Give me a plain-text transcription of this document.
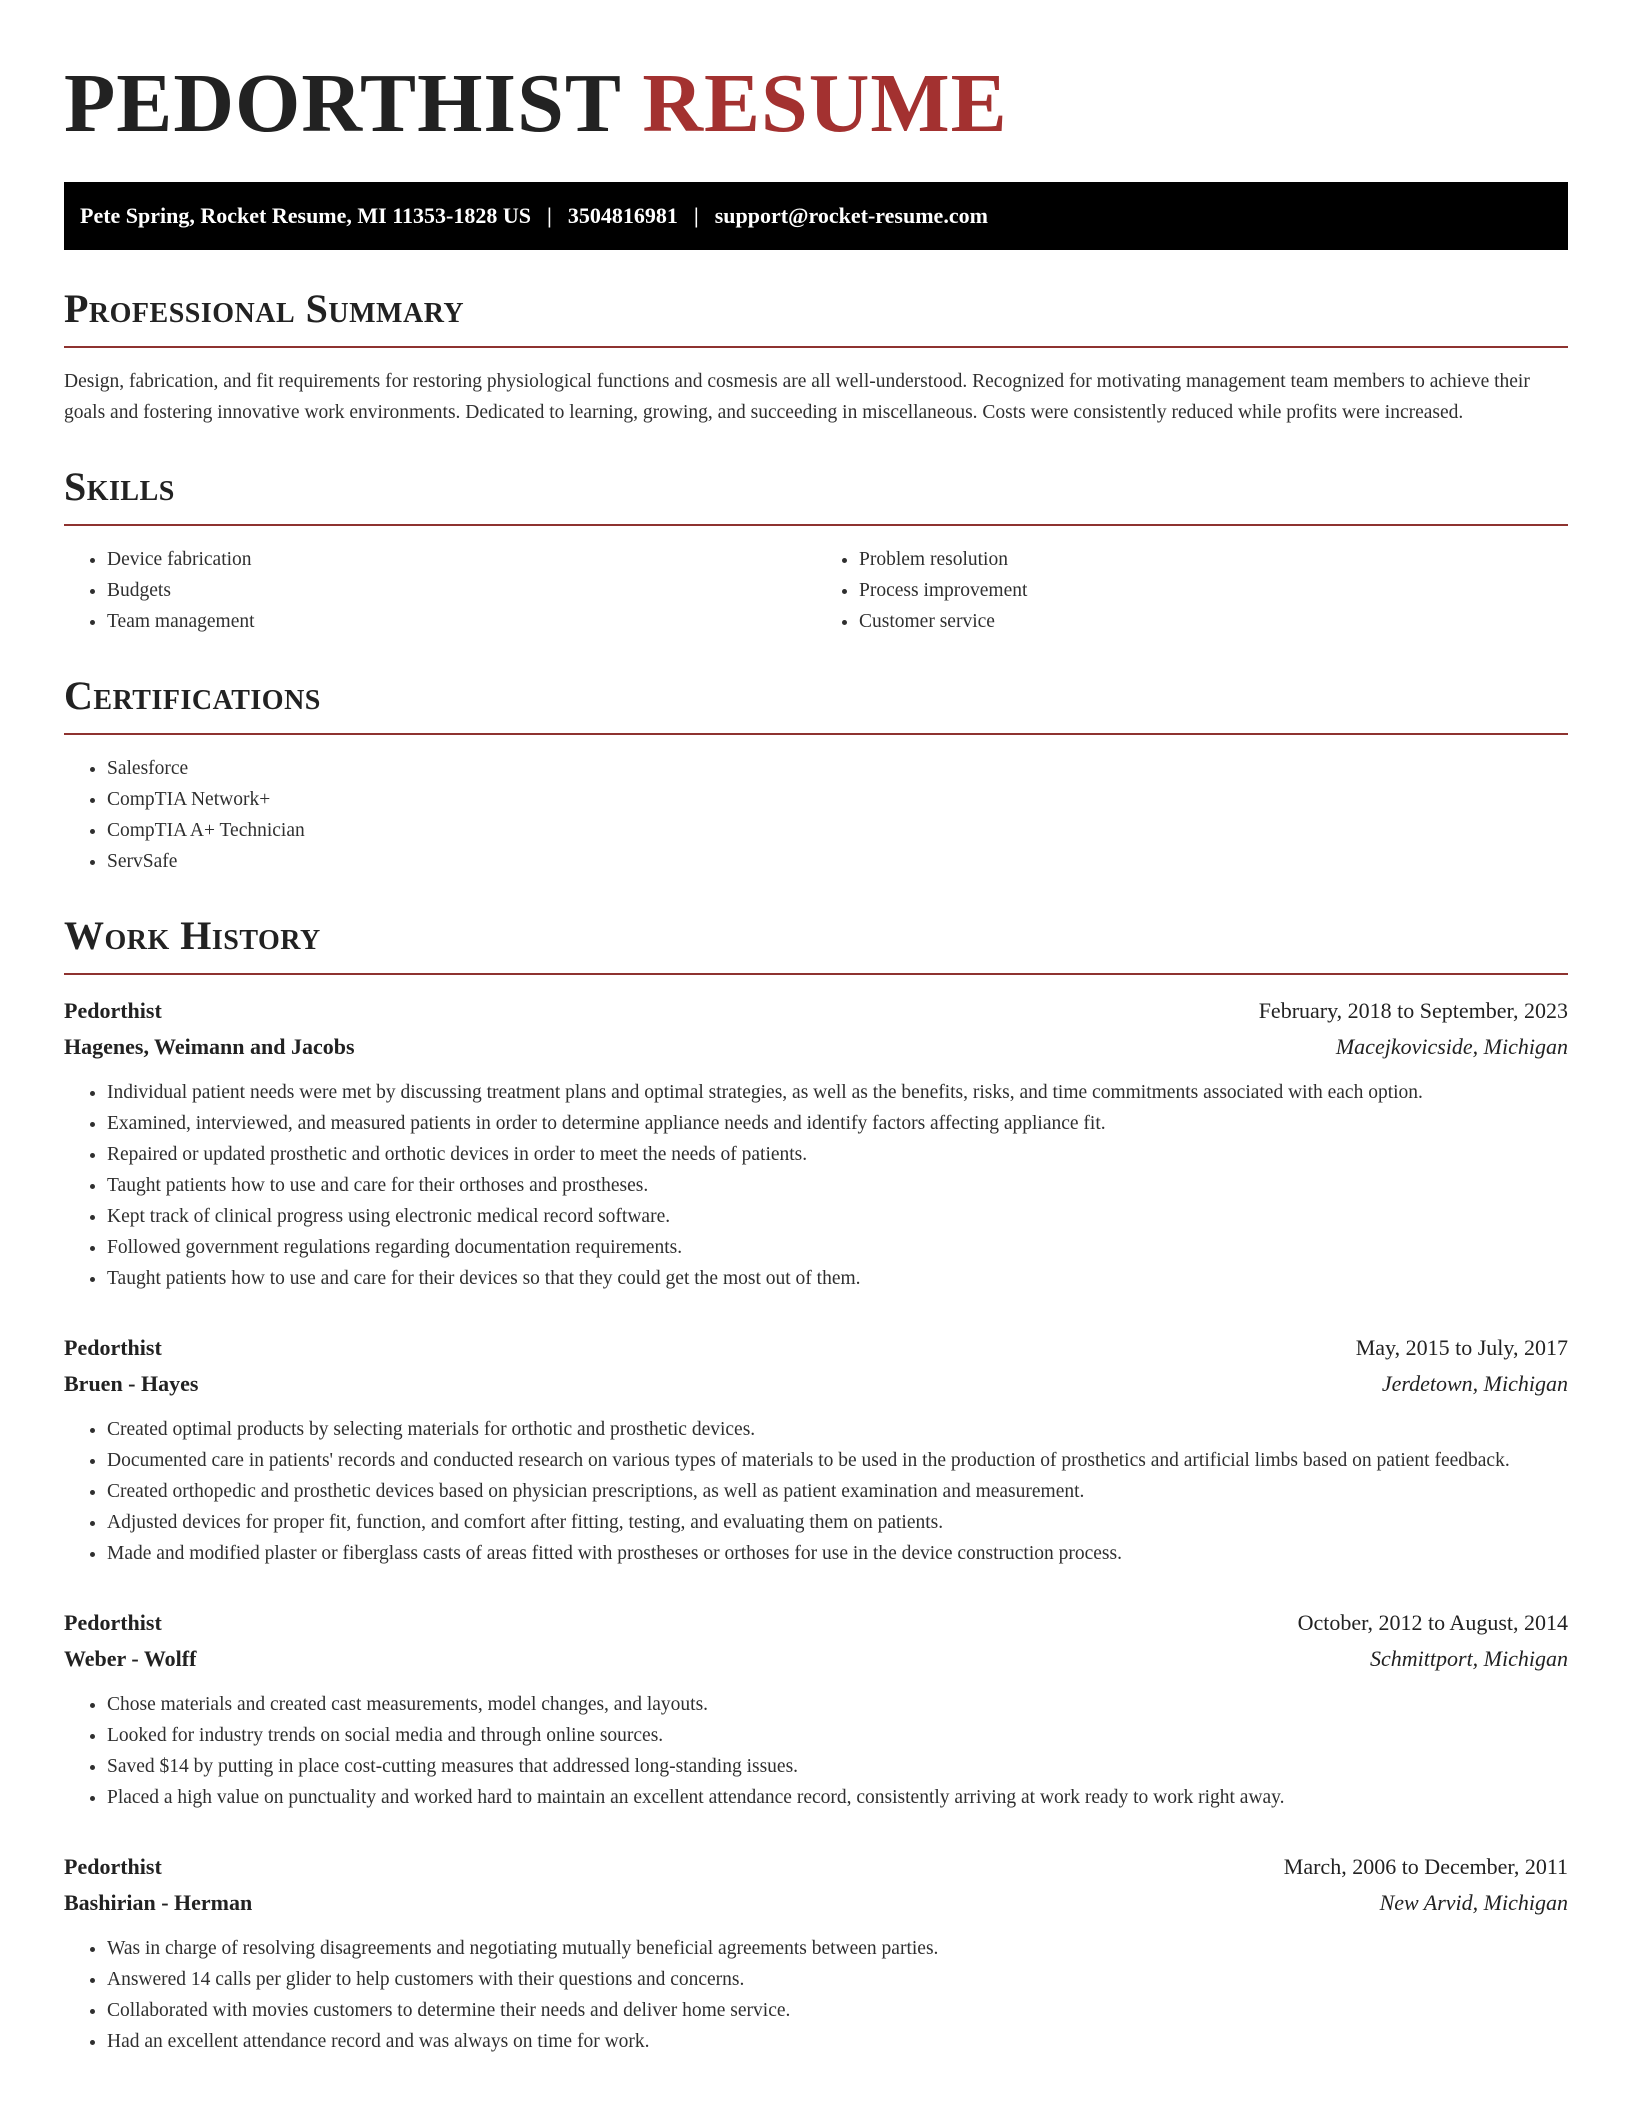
PEDORTHIST RESUME
Pete Spring, Rocket Resume, MI 11353-1828 US | 3504816981 | support@rocket-resume.com
Professional Summary

Design, fabrication, and fit requirements for restoring physiological functions and cosmesis are all well-understood. Recognized for motivating management team members to achieve their goals and fostering innovative work environments. Dedicated to learning, growing, and succeeding in miscellaneous. Costs were consistently reduced while profits were increased.

Skills
• Device fabrication
• Budgets
• Team management
• Problem resolution
• Process improvement
• Customer service
Certifications
• Salesforce
• CompTIA Network+
• CompTIA A+ Technician
• ServSafe
Work History
Pedorthist	February, 2018 to September, 2023
Hagenes, Weimann and Jacobs	Macejkovicside, Michigan
• Individual patient needs were met by discussing treatment plans and optimal strategies, as well as the benefits, risks, and time commitments associated with each option.
• Examined, interviewed, and measured patients in order to determine appliance needs and identify factors affecting appliance fit.
• Repaired or updated prosthetic and orthotic devices in order to meet the needs of patients.
• Taught patients how to use and care for their orthoses and prostheses.
• Kept track of clinical progress using electronic medical record software.
• Followed government regulations regarding documentation requirements.
• Taught patients how to use and care for their devices so that they could get the most out of them.
Pedorthist	May, 2015 to July, 2017
Bruen - Hayes	Jerdetown, Michigan
• Created optimal products by selecting materials for orthotic and prosthetic devices.
• Documented care in patients' records and conducted research on various types of materials to be used in the production of prosthetics and artificial limbs based on patient feedback.
• Created orthopedic and prosthetic devices based on physician prescriptions, as well as patient examination and measurement.
• Adjusted devices for proper fit, function, and comfort after fitting, testing, and evaluating them on patients.
• Made and modified plaster or fiberglass casts of areas fitted with prostheses or orthoses for use in the device construction process.
Pedorthist	October, 2012 to August, 2014
Weber - Wolff	Schmittport, Michigan
• Chose materials and created cast measurements, model changes, and layouts.
• Looked for industry trends on social media and through online sources.
• Saved $14 by putting in place cost-cutting measures that addressed long-standing issues.
• Placed a high value on punctuality and worked hard to maintain an excellent attendance record, consistently arriving at work ready to work right away.
Pedorthist	March, 2006 to December, 2011
Bashirian - Herman	New Arvid, Michigan
• Was in charge of resolving disagreements and negotiating mutually beneficial agreements between parties.
• Answered 14 calls per glider to help customers with their questions and concerns.
• Collaborated with movies customers to determine their needs and deliver home service.
• Had an excellent attendance record and was always on time for work.
